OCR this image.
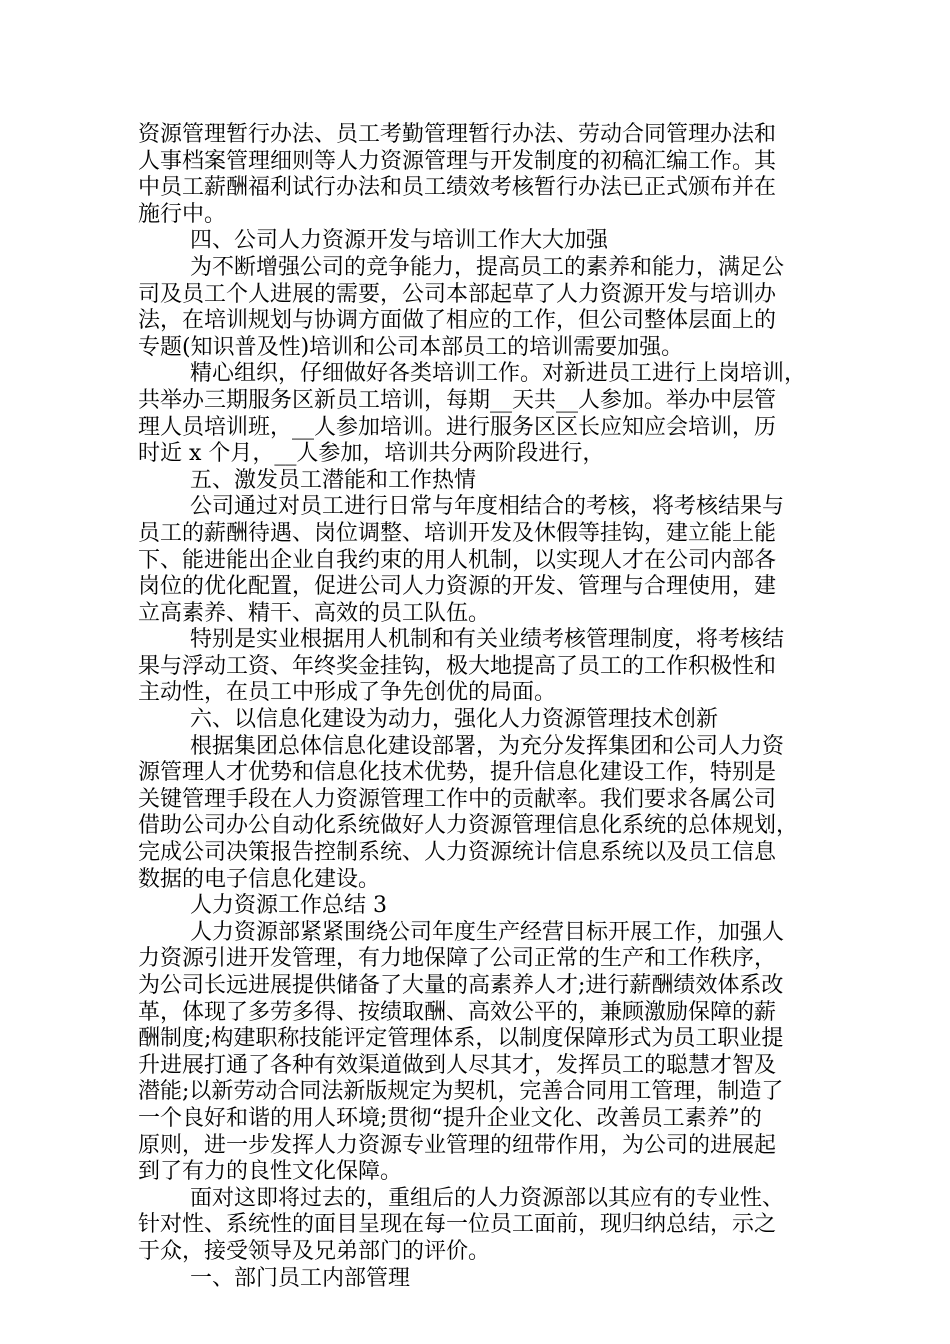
资源管理暂行办法、员工考勤管理暂行办法、劳动合同管理办法和
人事档案管理细则等人力资源管理与开发制度的初稿汇编工作。其
中员工薪酬福利试行办法和员工绩效考核暂行办法已正式颁布并在
施行中。
四、公司人力资源开发与培训工作大大加强
为不断增强公司的竞争能力，提高员工的素养和能力，满足公
司及员工个人进展的需要，公司本部起草了人力资源开发与培训办
法，在培训规划与协调方面做了相应的工作，但公司整体层面上的
专题(知识普及性)培训和公司本部员工的培训需要加强。
精心组织，仔细做好各类培训工作。对新进员工进行上岗培训，
共举办三期服务区新员工培训，每期__天共__人参加。举办中层管
理人员培训班，__人参加培训。进行服务区区长应知应会培训，历
时近 x 个月，__人参加，培训共分两阶段进行，
五、激发员工潜能和工作热情
公司通过对员工进行日常与年度相结合的考核，将考核结果与
员工的薪酬待遇、岗位调整、培训开发及休假等挂钩，建立能上能
下、能进能出企业自我约束的用人机制，以实现人才在公司内部各
岗位的优化配置，促进公司人力资源的开发、管理与合理使用，建
立高素养、精干、高效的员工队伍。
特别是实业根据用人机制和有关业绩考核管理制度，将考核结
果与浮动工资、年终奖金挂钩，极大地提高了员工的工作积极性和
主动性，在员工中形成了争先创优的局面。
六、以信息化建设为动力，强化人力资源管理技术创新
根据集团总体信息化建设部署，为充分发挥集团和公司人力资
源管理人才优势和信息化技术优势，提升信息化建设工作，特别是
关键管理手段在人力资源管理工作中的贡献率。我们要求各属公司
借助公司办公自动化系统做好人力资源管理信息化系统的总体规划，
完成公司决策报告控制系统、人力资源统计信息系统以及员工信息
数据的电子信息化建设。
人力资源工作总结 3
人力资源部紧紧围绕公司年度生产经营目标开展工作，加强人
力资源引进开发管理，有力地保障了公司正常的生产和工作秩序，
为公司长远进展提供储备了大量的高素养人才;进行薪酬绩效体系改
革，体现了多劳多得、按绩取酬、高效公平的，兼顾激励保障的薪
酬制度;构建职称技能评定管理体系，以制度保障形式为员工职业提
升进展打通了各种有效渠道做到人尽其才，发挥员工的聪慧才智及
潜能;以新劳动合同法新版规定为契机，完善合同用工管理，制造了
一个良好和谐的用人环境;贯彻“提升企业文化、改善员工素养”的
原则，进一步发挥人力资源专业管理的纽带作用，为公司的进展起
到了有力的良性文化保障。
面对这即将过去的，重组后的人力资源部以其应有的专业性、
针对性、系统性的面目呈现在每一位员工面前，现归纳总结，示之
于众，接受领导及兄弟部门的评价。
一、部门员工内部管理
